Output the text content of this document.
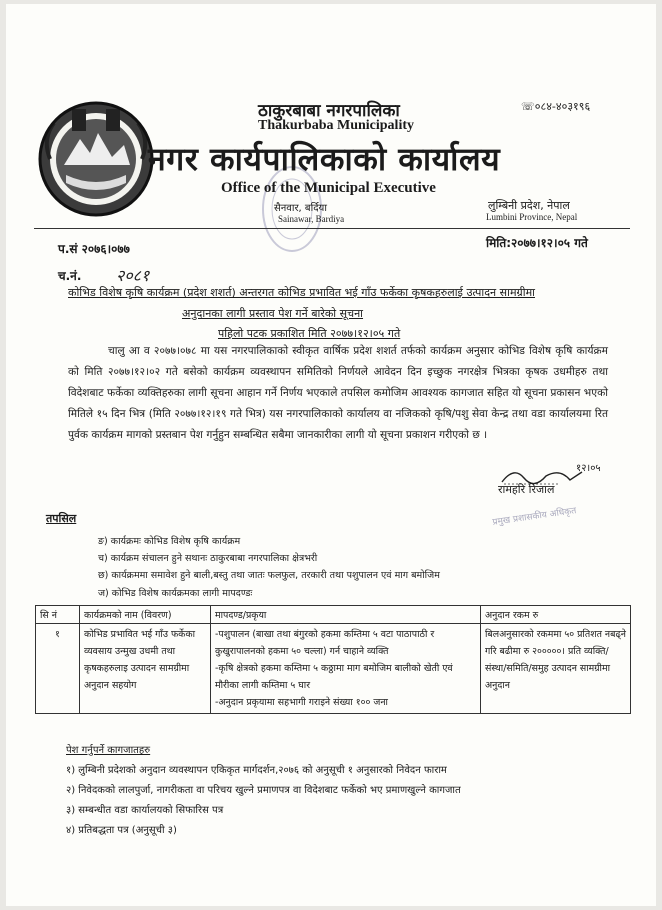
☏०८४-४०३१९६
ठाकुरबाबा नगरपालिका
Thakurbaba Municipality
नगर कार्यपालिकाको कार्यालय
Office of the Municipal Executive
सैनवार, बर्दिया
Sainawar, Bardiya
लुम्बिनी प्रदेश, नेपाल
Lumbini Province, Nepal
प.सं २०७६।०७७	मिति:२०७७।१२।०५ गते
च.नं. २०८१
कोभिड विशेष कृषि कार्यक्रम (प्रदेश शशर्त) अन्तरगत कोभिड प्रभावित भई गाँउ फर्केका कृषकहरुलाई उत्पादन सामग्रीमा
अनुदानका लागी प्रस्ताव पेश गर्ने बारेको सूचना
पहिलो पटक प्रकाशित मिति २०७७।१२।०५ गते
चालु आ व २०७७।०७८ मा यस नगरपालिकाको स्वीकृत वार्षिक प्रदेश शशर्त तर्फको कार्यक्रम अनुसार कोभिड विशेष कृषि कार्यक्रम को मिति २०७७।१२।०२ गते बसेको कार्यक्रम व्यवस्थापन समितिको निर्णयले आवेदन दिन इच्छुक नगरक्षेत्र भित्रका कृषक उधमीहरु तथा विदेशबाट फर्केका व्यक्तिहरुका लागी सूचना आहान गर्ने निर्णय भएकाले तपसिल कमोजिम आवश्यक कागजात सहित यो सूचना प्रकासन भएको मितिले १५ दिन भित्र (मिति २०७७।१२।१९ गते भित्र) यस नगरपालिकाको कार्यालय वा नजिकको कृषि/पशु सेवा केन्द्र तथा वडा कार्यालयमा रित पुर्वक कार्यक्रम मागको प्रस्तबान पेश गर्नुहुन सम्बन्धित सबैमा जानकारीका लागी यो सूचना प्रकाशन गरीएको छ ।
१२।०५
रामहरि रिजाल
प्रमुख प्रशासकीय अधिकृत
तपसिल
ङ) कार्यक्रमः कोभिड विशेष कृषि कार्यक्रम
च) कार्यक्रम संचालन हुने सथानः ठाकुरबाबा नगरपालिका क्षेत्रभरी
छ) कार्यक्रममा समावेश हुने बाली,बस्तु तथा जातः फलफुल, तरकारी तथा पशुपालन एवं माग बमोजिम
ज) कोभिड विशेष कार्यक्रमका लागी मापदण्डः
सि नं	कार्यक्रमको नाम (विवरण)	मापदण्ड/प्रकृया	अनुदान रकम रु
१	कोभिड प्रभावित भई गाँउ फर्केका व्यवसाय उन्मुख उधमी तथा कृषकहरुलाइ उत्पादन सामग्रीमा अनुदान सहयोग	-पशुपालन (बाखा तथा बंगुरको हकमा कम्तिमा ५ वटा पाठापाठी र कुखुरापालनको हकमा ५० चल्ला) गर्न चाहाने व्यक्ति
-कृषि क्षेत्रको हकमा कम्तिमा ५ कठ्ठामा माग बमोजिम बालीको खेती एवं मौरीका लागी कम्तिमा ५ घार
-अनुदान प्रकृयामा सहभागी गराइने संख्या १०० जना	बिलअनुसारको रकममा ५० प्रतिशत नबढ्ने गरि बढीमा रु २०००००। प्रति व्यक्ति/संस्था/समिति/समुह उत्पादन सामग्रीमा अनुदान
पेश गर्नुपर्ने कागजातहरु
१) लुम्बिनी प्रदेशको अनुदान व्यवस्थापन एकिकृत मार्गदर्शन,२०७६ को अनुसूची १ अनुसारको निवेदन फाराम
२) निवेदकको लालपुर्जा, नागरीकता वा परिचय खुल्ने प्रमाणपत्र वा विदेशबाट फर्केको भए प्रमाणखुल्ने कागजात
३) सम्बन्धीत वडा कार्यालयको सिफारिस पत्र
४) प्रतिबद्धता पत्र (अनुसूची ३)
